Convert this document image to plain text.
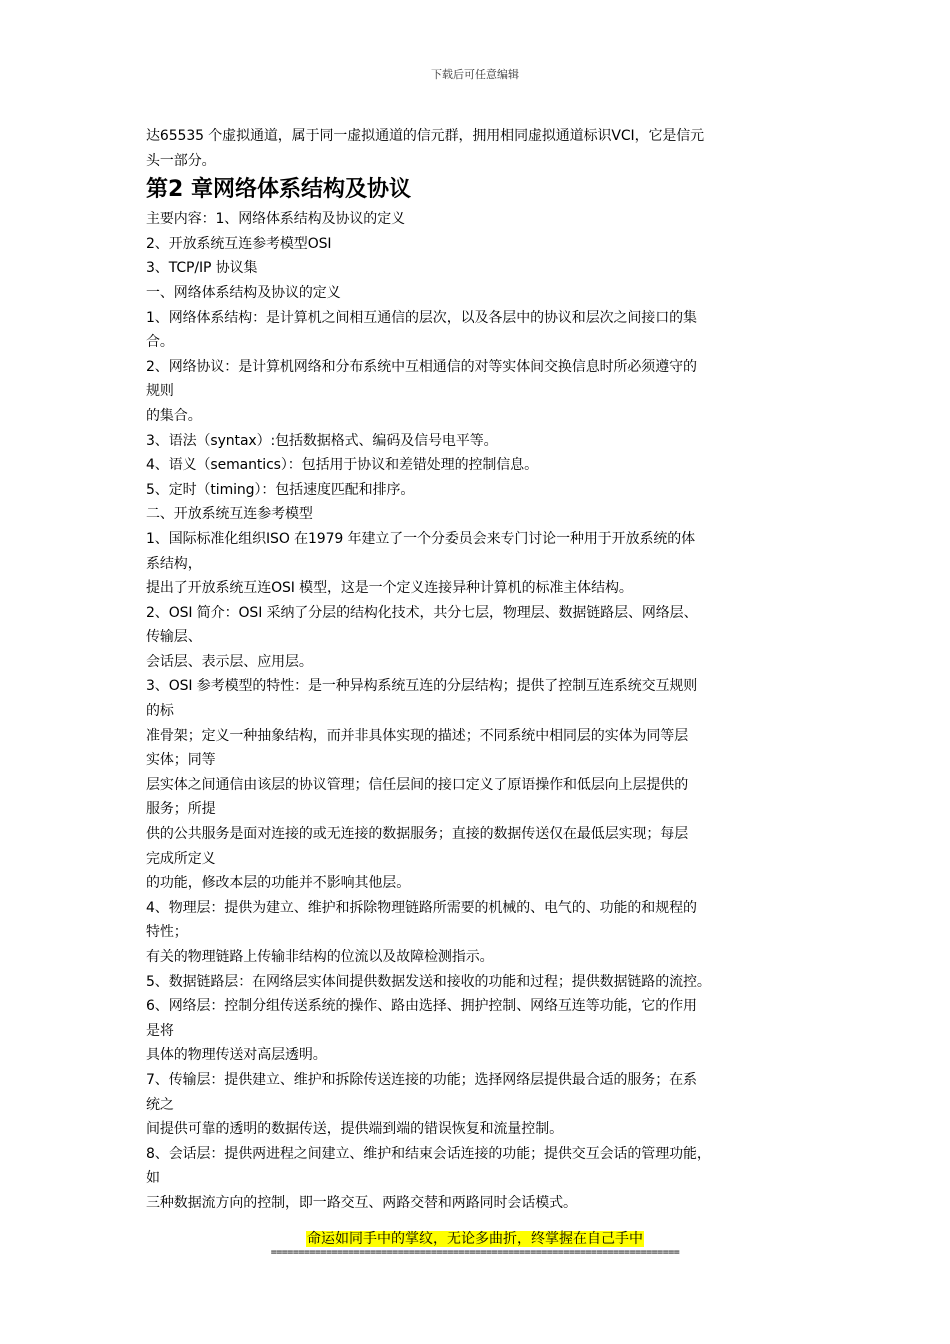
下载后可任意编辑
达65535 个虚拟通道，属于同一虚拟通道的信元群，拥用相同虚拟通道标识VCI，它是信元
头一部分。
第2 章网络体系结构及协议
主要内容：1、网络体系结构及协议的定义
2、开放系统互连参考模型OSI
3、TCP/IP 协议集
一、网络体系结构及协议的定义
1、网络体系结构：是计算机之间相互通信的层次，以及各层中的协议和层次之间接口的集
合。
2、网络协议：是计算机网络和分布系统中互相通信的对等实体间交换信息时所必须遵守的
规则
的集合。
3、语法（syntax）:包括数据格式、编码及信号电平等。
4、语义（semantics）：包括用于协议和差错处理的控制信息。
5、定时（timing）：包括速度匹配和排序。
二、开放系统互连参考模型
1、国际标准化组织ISO 在1979 年建立了一个分委员会来专门讨论一种用于开放系统的体
系结构，
提出了开放系统互连OSI 模型，这是一个定义连接异种计算机的标准主体结构。
2、OSI 简介：OSI 采纳了分层的结构化技术，共分七层，物理层、数据链路层、网络层、
传输层、
会话层、表示层、应用层。
3、OSI 参考模型的特性：是一种异构系统互连的分层结构；提供了控制互连系统交互规则
的标
准骨架；定义一种抽象结构，而并非具体实现的描述；不同系统中相同层的实体为同等层
实体；同等
层实体之间通信由该层的协议管理；信任层间的接口定义了原语操作和低层向上层提供的
服务；所提
供的公共服务是面对连接的或无连接的数据服务；直接的数据传送仅在最低层实现；每层
完成所定义
的功能，修改本层的功能并不影响其他层。
4、物理层：提供为建立、维护和拆除物理链路所需要的机械的、电气的、功能的和规程的
特性；
有关的物理链路上传输非结构的位流以及故障检测指示。
5、数据链路层：在网络层实体间提供数据发送和接收的功能和过程；提供数据链路的流控。
6、网络层：控制分组传送系统的操作、路由选择、拥护控制、网络互连等功能，它的作用
是将
具体的物理传送对高层透明。
7、传输层：提供建立、维护和拆除传送连接的功能；选择网络层提供最合适的服务；在系
统之
间提供可靠的透明的数据传送，提供端到端的错误恢复和流量控制。
8、会话层：提供两进程之间建立、维护和结束会话连接的功能；提供交互会话的管理功能，
如
三种数据流方向的控制，即一路交互、两路交替和两路同时会话模式。
命运如同手中的掌纹，无论多曲折，终掌握在自己手中
==========================================================================
